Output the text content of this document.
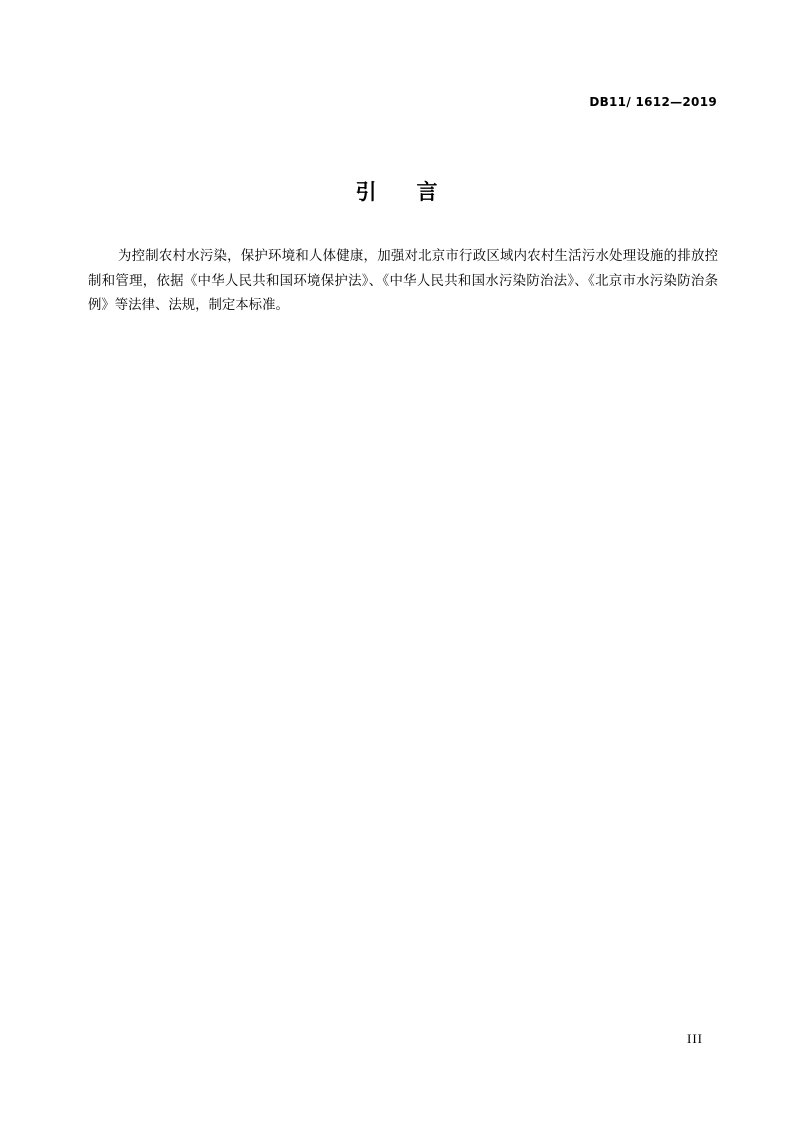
DB11/ 1612—2019
引言

为控制农村水污染，保护环境和人体健康，加强对北京市行政区域内农村生活污水处理设施的排放控制和管理，依据《中华人民共和国环境保护法》、《中华人民共和国水污染防治法》、《北京市水污染防治条例》等法律、法规，制定本标准。

III
